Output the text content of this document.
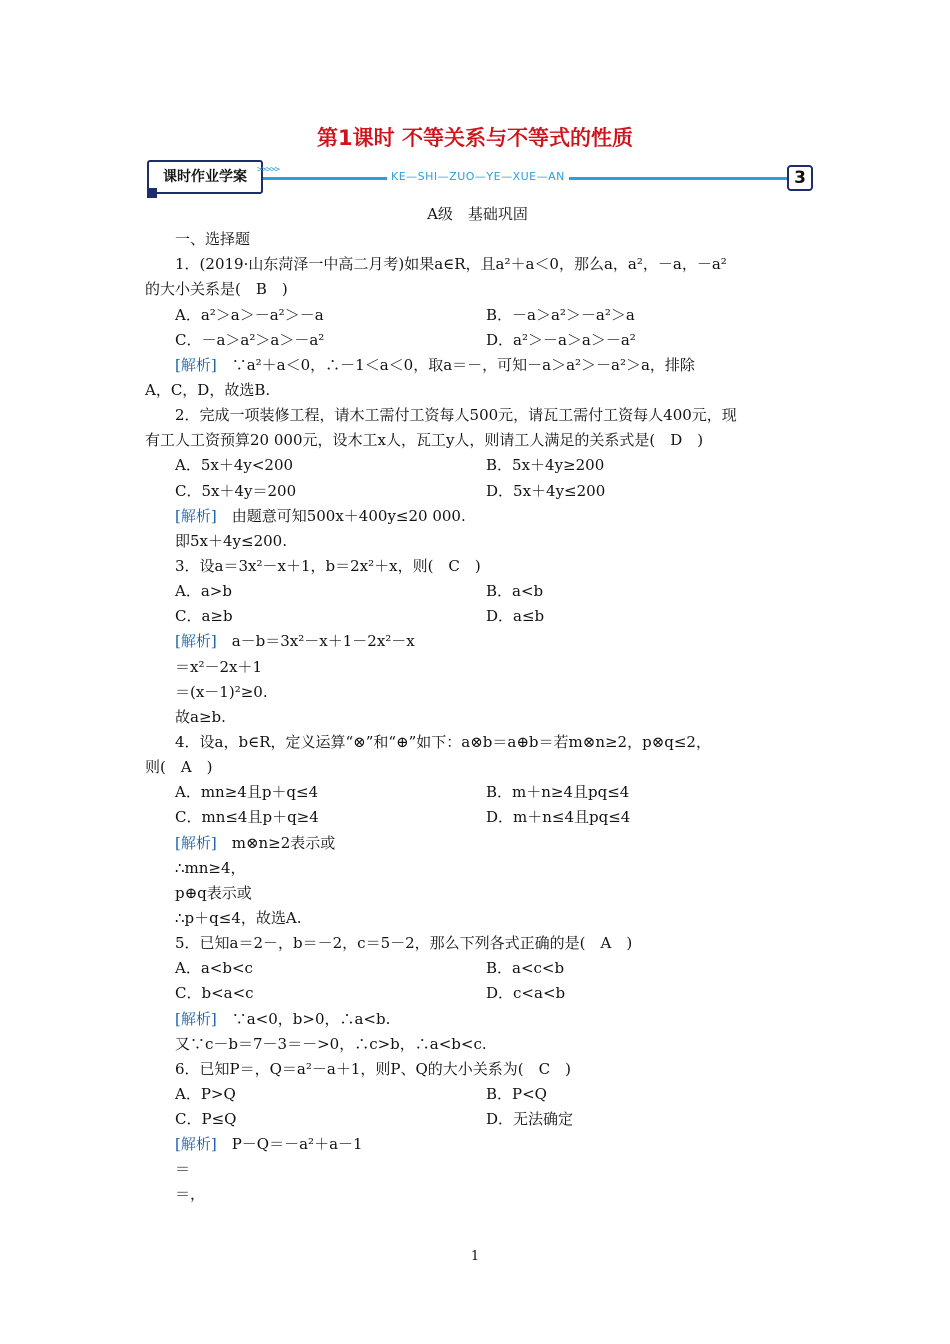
第1课时 不等关系与不等式的性质
KE—SHI—ZUO—YE—XUE—AN
课时作业学案	>>>>>	3
A级　基础巩固
一、选择题
1．(2019·山东菏泽一中高二月考)如果a∈R，且a²＋a＜0，那么a，a²，－a，－a²
的大小关系是(　B　)
A．a²＞a＞－a²＞－a	B．－a＞a²＞－a²＞a
C．－a＞a²＞a＞－a²	D．a²＞－a＞a＞－a²
[解析]　∵a²＋a＜0，∴－1＜a＜0，取a＝－，可知－a＞a²＞－a²＞a，排除
A，C，D，故选B.
2．完成一项装修工程，请木工需付工资每人500元，请瓦工需付工资每人400元，现
有工人工资预算20 000元，设木工x人，瓦工y人，则请工人满足的关系式是(　D　)
A．5x＋4y<200	B．5x＋4y≥200
C．5x＋4y＝200	D．5x＋4y≤200
[解析]　由题意可知500x＋400y≤20 000.
即5x＋4y≤200.
3．设a＝3x²－x＋1，b＝2x²＋x，则(　C　)
A．a>b	B．a<b
C．a≥b	D．a≤b
[解析]　a－b＝3x²－x＋1－2x²－x
＝x²－2x＋1
＝(x－1)²≥0.
故a≥b.
4．设a，b∈R，定义运算“⊗”和“⊕”如下：a⊗b＝a⊕b＝若m⊗n≥2，p⊗q≤2，
则(　A　)
A．mn≥4且p＋q≤4	B．m＋n≥4且pq≤4
C．mn≤4且p＋q≥4	D．m＋n≤4且pq≤4
[解析]　m⊗n≥2表示或
∴mn≥4，
p⊕q表示或
∴p＋q≤4，故选A.
5．已知a＝2－，b＝－2，c＝5－2，那么下列各式正确的是(　A　)
A．a<b<c	B．a<c<b
C．b<a<c	D．c<a<b
[解析]　∵a<0，b>0，∴a<b.
又∵c－b＝7－3＝－>0，∴c>b，∴a<b<c.
6．已知P＝，Q＝a²－a＋1，则P、Q的大小关系为(　C　)
A．P>Q	B．P<Q
C．P≤Q	D．无法确定
[解析]　P－Q＝－a²＋a－1
＝
＝，
1
